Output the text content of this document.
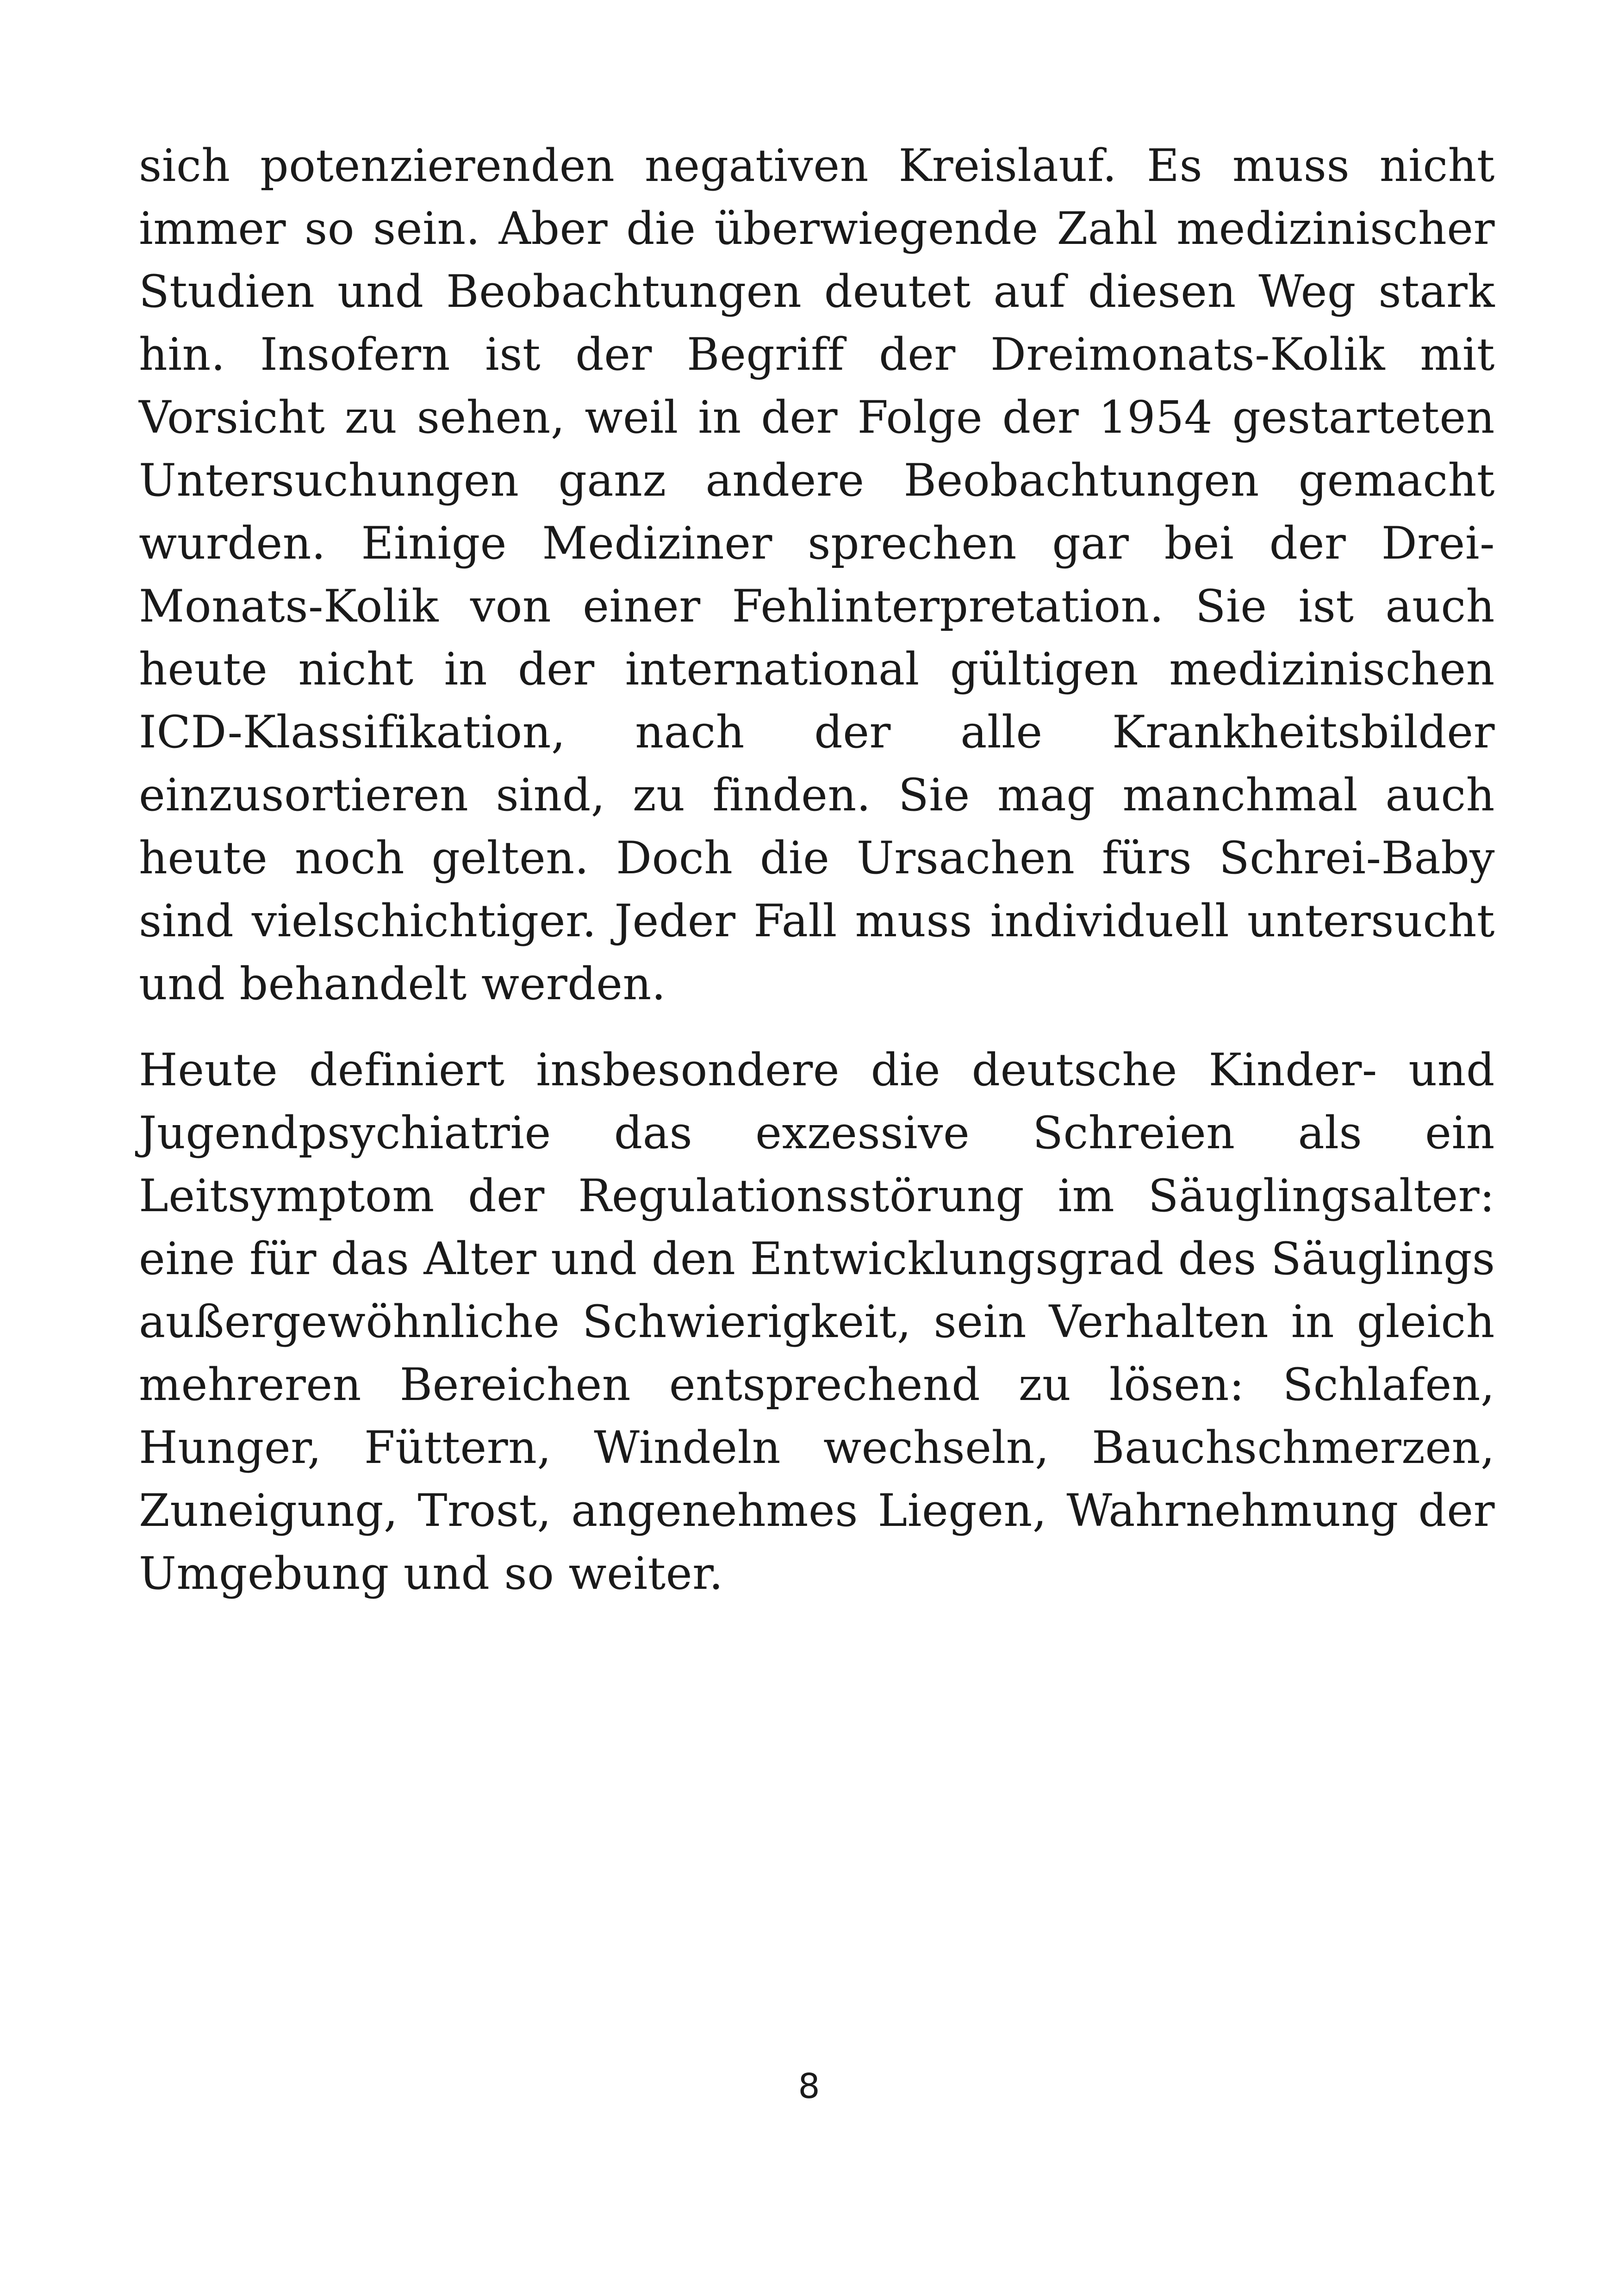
sich potenzierenden negativen Kreislauf. Es muss nicht
immer so sein. Aber die überwiegende Zahl medizinischer
Studien und Beobachtungen deutet auf diesen Weg stark
hin. Insofern ist der Begriff der Dreimonats-Kolik mit
Vorsicht zu sehen, weil in der Folge der 1954 gestarteten
Untersuchungen ganz andere Beobachtungen gemacht
wurden. Einige Mediziner sprechen gar bei der Drei-
Monats-Kolik von einer Fehlinterpretation. Sie ist auch
heute nicht in der international gültigen medizinischen
ICD-Klassifikation, nach der alle Krankheitsbilder
einzusortieren sind, zu finden. Sie mag manchmal auch
heute noch gelten. Doch die Ursachen fürs Schrei-Baby
sind vielschichtiger. Jeder Fall muss individuell untersucht
und behandelt werden.
Heute definiert insbesondere die deutsche Kinder- und
Jugendpsychiatrie das exzessive Schreien als ein
Leitsymptom der Regulationsstörung im Säuglingsalter:
eine für das Alter und den Entwicklungsgrad des Säuglings
außergewöhnliche Schwierigkeit, sein Verhalten in gleich
mehreren Bereichen entsprechend zu lösen: Schlafen,
Hunger, Füttern, Windeln wechseln, Bauchschmerzen,
Zuneigung, Trost, angenehmes Liegen, Wahrnehmung der
Umgebung und so weiter.
8
